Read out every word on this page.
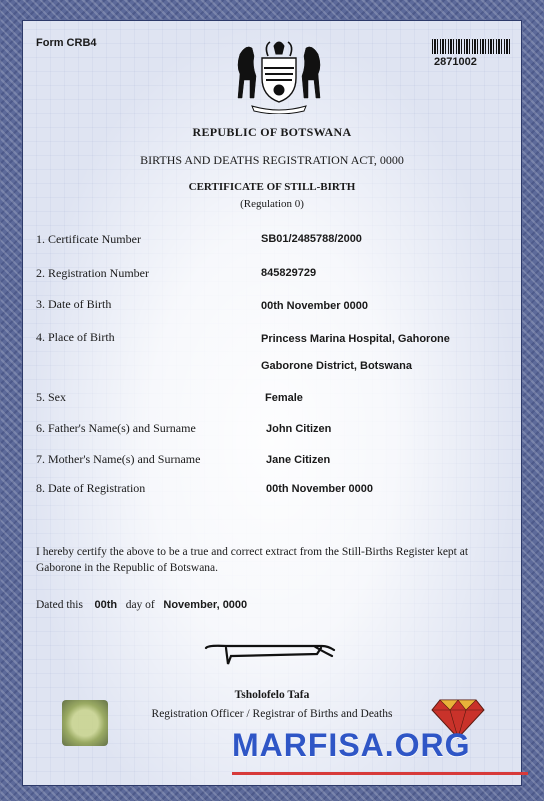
Form CRB4
2871002
REPUBLIC OF BOTSWANA
BIRTHS AND DEATHS REGISTRATION ACT, 0000
CERTIFICATE OF STILL-BIRTH
(Regulation 0)
1. Certificate Number	SB01/2485788/2000
2. Registration Number	845829729
3. Date of Birth	00th November 0000
4. Place of Birth	Princess Marina Hospital, Gahorone
Gaborone District, Botswana
5. Sex	Female
6. Father's Name(s) and Surname	John Citizen
7. Mother's Name(s) and Surname	Jane Citizen
8. Date of Registration	00th November 0000
I hereby certify the above to be a true and correct extract from the Still-Births Register kept at Gaborone in the Republic of Botswana.
Dated this 00th day of November, 0000
Tsholofelo Tafa
Registration Officer / Registrar of Births and Deaths
MARFISA.ORG
